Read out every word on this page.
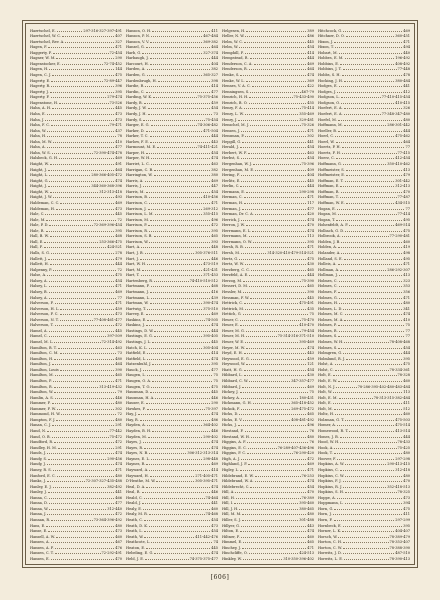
Haertschel, E.	297-316-327-397-491
Haertschel, W. C.	407
Haertschel, Rev. A.	327
Hagen, F.	471
Haggerty, F.	72-454
Hagner, W. M.	290
Hagenstocker, E.	72-74-452
Hagen, H.	144
Hagen, C. J.	475
Hagerty, E.	72-89-447
Hagerty, R.	396
Hagerty, J.	395
Hagerty, F.	279-474
Hagenstone, H.	73-526
Hahn, A. H.	445
Hahn, E.	473
Hahn, J.	473
Hahn, F. C.	79-471
Hahn, W.	437
Hahn, H.	78
Hahn, M. W.	410
Hahn, A.	477
Hahn, W. S.	72-390-474-478
Halsbeck, G. H.	469
Haight, W.	491
Haight, J.	464
Haight, L.	280-366-405-472
Haight, G.	474
Haight, J.	344-360-368-396
Haight, W.	312-313-418
Haight, J. W.	493
Haldeman, C. C.	469
Haldeman, H.	473
Hale, C.	445
Hale, M.	72
Hale, P. D.	72-369-396-454
Hale, R.	395
Hall, B. W.	468
Hall, E.	253-366-475
Hall, F.	424-521
Halls, S. G.	278
Hallett, J.	479
Hallett, H.	444
Halpenny, P.	72
Halse, A.	475
Halsey, A.	454
Halsey, L.	471
Halsey, B.	469
Halsey, A.	77
Halverson, F.	471
Halverson, H. L.	459
Halverson, F. C.	473
Halverson, N. T.	77-408-461-477
Halverson, T.	472
Hamel, A.	445
Hamel, C.	397-509
Hamel, M. L.	72-314-492
Hamilton, B. T.	463
Hamilton, C. M.	73
Hamilton, H.	480
Hamilton, J.	464
Hamilton, Louis	390
Hamilton, M.	465
Hamilton, P.	471
Hamilton, R.	313-419-432
Hamilton, W.	79
Hamlin, A. S.	446
Hammer, F.	480
Hammer, F. W.	302
Hammond, H. W.	72
Hampton, F. J.	480
Hanan, C. J.	291
Hand, N.	77-442
Hand, O. B.	75-472
Handford, R.	472
Handley, H. M.	291
Hands, J.	474
Handy, S.	290-456
Handy, J.	474
Haney, R. S.	471
Hanford, E. C.	480
Hanks, J.	72-307-327-435-488
Hanley, E. J.	382-492
Hanley, J.	441
Hanna, C.	466
Hanna, D.	477
Hanna, W.	312-440
Hanna, J.	472
Hannan, R.	73-364-396-492
Hans, E.	480
Hanse, E.	473
Hansell, A. W.	460
Hansen, A.	467
Hansen, A. F.	476
Hansen, C. T.	72-292-491
Hansen, E.	470
Hanson, O. H.	411
Hanson, P. N.	467-484
Hanson, V. V.	369-382
Hanzel, G.	464
Harb, G.	327-374
Harbaugh, J.	444
Harcourt, H.	404
Harden, A.	382
Harden, G.	365-327
Hardenbrugh, H.	398
Hardie, R.	414
Hardin, C.	477
Harding, W. K.	75-375-456
Hardy, B.	459
Hardy, J. W.	454
Hardy, J. H.	73
Hardy, S.	75-454
Harger, E. G.	74-306-482
Harker, D.	471-504
Harker, T. C.	444
Harlow, F. E.	443
Harmount, M. E.	74-411-421
Harper, H.	454
Harper, W. H.	474
Harriet, L. C.	463
Harrigan, C. B.	382
Harrington, W.	380
Harris, A.	469
Harris, J.	447
Harris, M.	454
Harrison, B.	410-456
Harrison, C.	471
Harrison, J.	269-312
Harrison, L. M.	355-415
Harrison, M.	496
Harrison, P.	472
Harrison, R.	395
Harrison, S. B.	465
Harrison, W.	393
Hart, A.	448
Hart, J. B.	305-376-511
Hart, J.	446
Hart, W. H.	473-519
Hart, M.	421-431
Hart, T.	371-453
Hartenberg, R.	74-410-510-512
Hartmann, F.	468
Hartmann, J.	416
Hartmann, L.	439
Hartman, W.	390-474
Hartwig, T.	375-510
Harvey, E.	469
Haskins, E.	74-505
Haskins, J.	474
Hastings, D. W.	444
Hastings, E. G.	395-405
Hastings, J. L.	445
Hatch, K. L.	305-404
Hatfield, E.	414
Hatfield, L.	474
Hatzenbuhl, J.	395
Hauck, J.	477
Haugen, L.	75
Haugen, O. A.	75
Haugen, T. O.	475
Hausman, D.	445
Hausman, H. A.	446
Hauser, E.	290
Hawkes, F.	75-397
Hay, J.	474
Hay, R.	486
Hayden, A.	364-402
Hayden, B. H.	446
Hayden, M.	290-402
Hayes, J.	474
Hayes, R.	474
Hayes, N. B.	306-312-313-314
Haynes, E. L.	298-448
Haynes, R.	469
Hayward, A.	414
Hayward, H.	271-405-471
D'Heuthe, M. W.	305-395-471
Heal, D. A.	474
Heal, R.	446
Heald, C.	74-464
Heald, J.	441
Healy, E.	460
Healy, M. R.	74-468
Heath, C.	454
Heath, D. K.	473
Heath, L.	454
Heath, W.	411-442-476
Heathcote, L.	74
Heaton, E.	445
Hebeling, E. G.	474
Hebl, J. E.	74-375-375-477
Helgesen, H.	389
Heller, N. W.	486
Helm, W. C.	445
Helm, W.	454
Hemphill, F.	414
Hempstead, R.	444
Henderson, C. A.	469
Henderson, R.	464
Henke, S.	474
Henke, W. L.	369
Hennes, V. A. C.	422
Henningsen, S.	467-79
Henrich, H. H.	75-433-490
Henrich, B. O.	455
Henry, F. A.	75-414
Henry, L. W.	355-469
Henry, J.	329-481
Henschel, M. J.	75-326
Hensen, J.	471
Hensman, P.	302
Hepgill, G.	441
Herald, J.	454
Herbert, W. F.	463
Herbst, S.	454
Hergenhan, W. J.	75-396
Hergenhan, M. E.	409
Hering, F.	404
Herlitz, E.	445
Herlin, C.	444
Hermann, E.	290-298
Herman, C.	471
Herman, H.	117
Herman, J.	477
Herman, Dr. C. A.	420
Herrick, J.	474
Herron, J. W.	470
Herrmann, E. L.	474
Herrmann, M.	113
Herrmann, O. W.	395
Hersh, R. B.	471
Hersh, M.	314-320-410-479-514-521
Hertz, G.	475
Hertz, W. W.	430
Herzberg, C. C.	465
Herzfeld, A. E.	444
Herzog, M.	75-390
Hessert, D. M.	465
Hessler, M.	390
Hessman, F. W.	445
Hettrick, C.	475-491
Hettrick, M.	435
Hettich, G.	75
Heuer, C.	75-470
Heuer, E.	410-470
Heuer, M. G.	79-454
Heuer, M. H.	75-314-316-371-510
Heuer, W. E.	395-469
Heyer, M. W.	474
Heyd, E. H.	443
Heywood, E. G.	459
Heywood, W.	121
Hiatt, H. G.	454
Hibbard, L.	430
Hibbard, C. W.	347-357-477
Hibbard, J.	469
Hickey, J.	75
Hickey, A.	180-431
Hickmann, G. H.	365-418-452
Hickok, F.	269-475-472
Hicks, D.	465
Hicks, E. V.	408-481-492
Hicks, J.	496
Hiestand, F.	76
Hiestand, W. H.	480
Higgins, A. F.	76
Higgins, E. C.	76-289-407-436-496
Higgins, F. C.	76-290-420
High, A. J.	472
Highland, J. F.	469
Higley, L.	471
Hildebrand, E. W.	76-253
Hildebrand, W. A.	474
Hildebrecht, C.	454
Hill, A.	470
Hill, H.	76-389
Hill, I.	395-460
Hill, J. H.	380-465
Hill, M. M.	480
Hiller, S. J.	301-488
Hillyer, G.	443
Hilton, E.	474
Hiltner, F.	460
Himmel, E.	465
Hinchey, J.	471
Hinchcliffe, O.	424-513
Hinkley, W.	310-350-396-402
Hitchcock, G.	469
Hitchner, D. O.	360-451
Hixon, J.	471
Hixon, T.	494
Hobart, M.	440
Hobbes, E. M.	196-492
Hobbins, E.	408-492
Hobbins, J. T.	77-448
Hobbs, S. H.	478
Hocking, J. H.	380-484
Hodges, E.	441
Hodges, J.	412
Hodgson, L.	77-410-415-454
Hodgson, O.	410-415
Hoefert, E. A.	326
Hoefert, E. A.	77-348-347-480
Hoefel, M.	480
Hoffmann, M.	286-301-442
Hoeller, B.	444
Hoerl, C.	475-462
Hoerl, W.	464
Hoertz, P. H.	77
Hoertz, F. H.	77-415
Hoerz, C.	412-454
Hoffmann, G.	350-410-462
Hoffmeister, S.	413
Hoffmeister, E.	479
Hoffman, E. T.	301-442
Hoffman, E.	312-413
Hoffman, R.	470
Hoffman, T.	77-487
Hoffman, W. E.	434-515
Hogan, E.	77
Hogan, M.	77-414
Hogan, T.	495
Hohenfeldt, A. F.	469-514
Holbach, G. D.	475
Holbrook, A.	77-290-481
Holden, J. B.	460
Holden, A.	419
Holander, A.	498
Holland, S. E.	495
Holleis, A.	471
Hollman, A.	286-292-307
Hollman, J.	413
Holmes, C.	323
Holmes, C.	353
Holmes, F.	356
Holmes, G.	471
Holmes, H.	480
Holmes, L. D.	341
Holmes, M. C.	474
Holmes, M. A.	410
Holmes, P.	75
Holmes, R.	77
Holmes, S.	77
Holmes, W. H.	78-408-468
Holmes, S.	454
Holmgren, G.	444
Holmlund, R. J.	395
Holst, A.	475
Holst, C.	78-334-361
Holt, E.	78-328
Holt, E. W.	460
Holt, N. J.	78-286-395-402-480-483-484
Holt, W.	113
Holt, E. M.	78-313-315-382-484
Holt, E.	411
Holt, M.	512
Holtz, H.	460
Holzman, G. T.	475-503
Homer, A.	475-514
Homewood, R. T.	413-514
Hones, J. B.	444
Hood, W. H.	78-433
Hook, A.	75-425
Hook, T.	480
Hoover, F.	297-298
Hopkins, A. W.	290-413-415
Hopkins, C.	312-418
Hopkins, C. W.	480
Hopkins, F. J.	470
Hopkins, R. J.	352-418-513
Hopkins, S. H.	78-325
Hoppe, A.	473
Hoppmann, L.	394
Horn, G.	475
Horn, J.	411
Horn, F.	297-299
Hornbeck, E.	395
Horner, L. K.	404-407
Horsch, W.	78-389-479
Horton, C. H.	78-353-407
Horton, C. W.	78-388-390
Horwitz, J. D.	487-510
Horwitz, L. E.	78-390-413
[606]
